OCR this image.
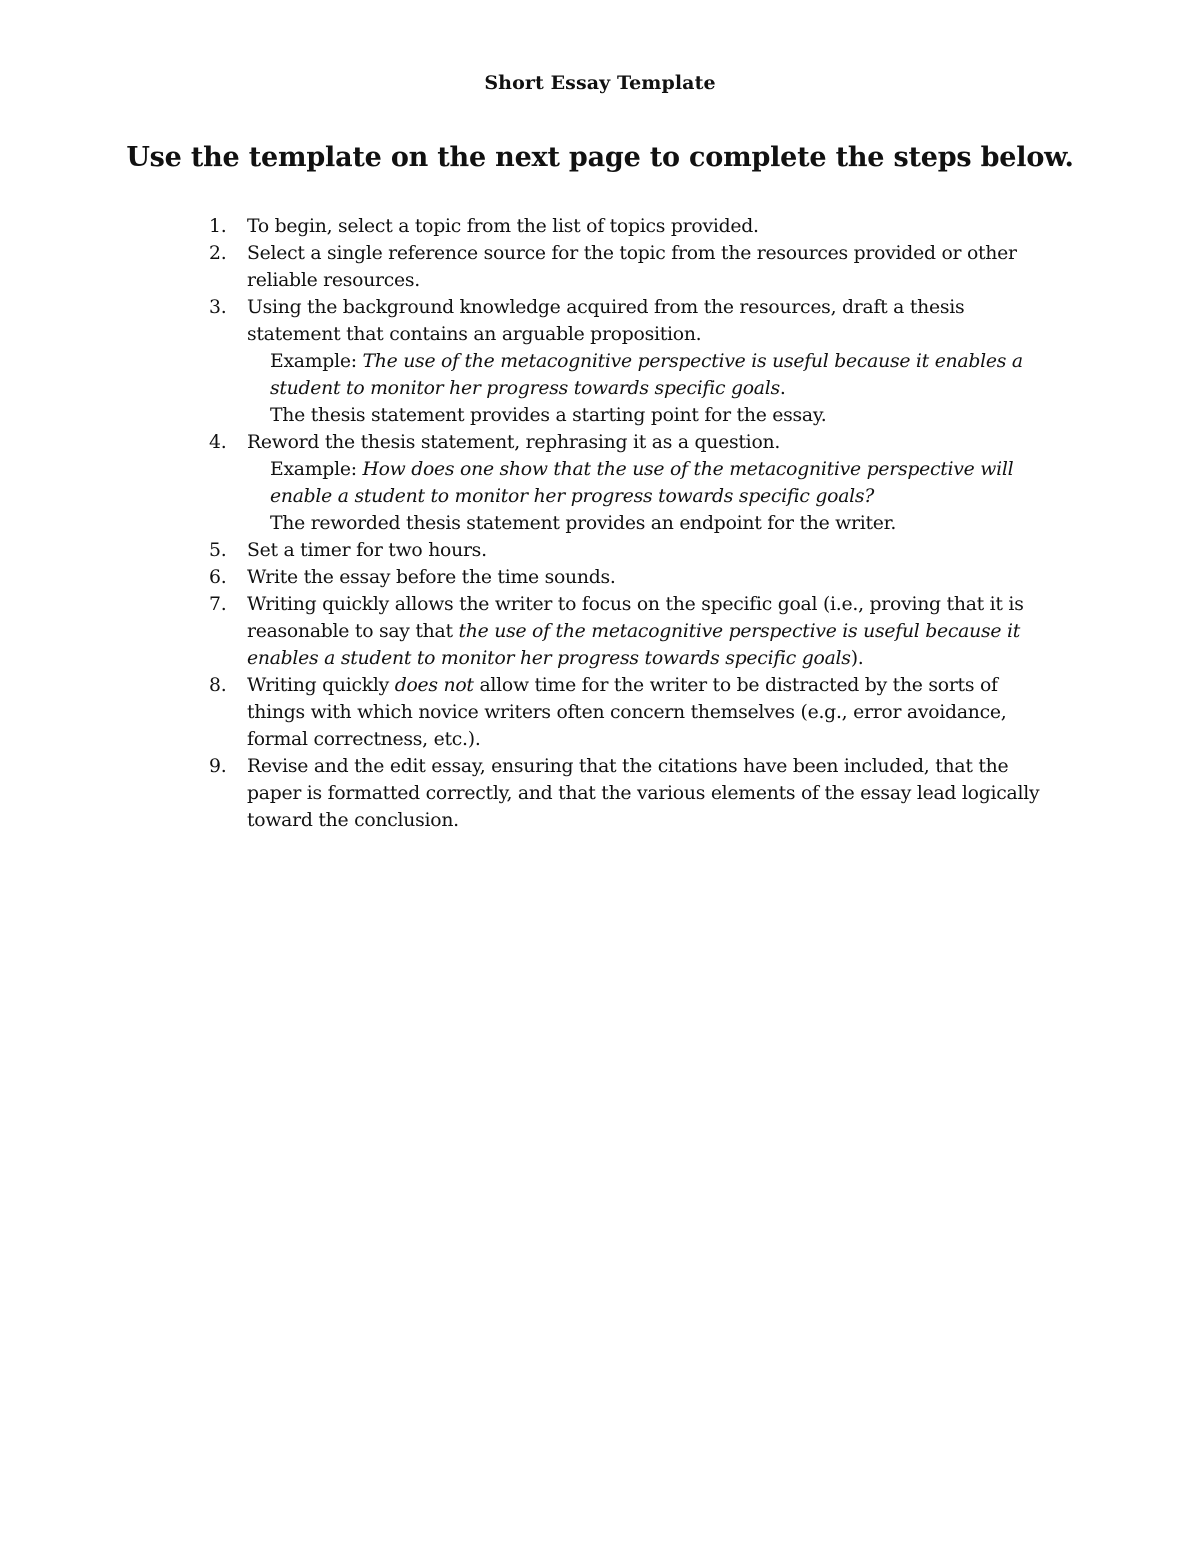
Short Essay Template
Use the template on the next page to complete the steps below.
1. To begin, select a topic from the list of topics provided.
2. Select a single reference source for the topic from the resources provided or other reliable resources.
3. Using the background knowledge acquired from the resources, draft a thesis statement that contains an arguable proposition.
Example: The use of the metacognitive perspective is useful because it enables a student to monitor her progress towards specific goals.
The thesis statement provides a starting point for the essay.
4. Reword the thesis statement, rephrasing it as a question.
Example: How does one show that the use of the metacognitive perspective will enable a student to monitor her progress towards specific goals?
The reworded thesis statement provides an endpoint for the writer.
5. Set a timer for two hours.
6. Write the essay before the time sounds.
7. Writing quickly allows the writer to focus on the specific goal (i.e., proving that it is reasonable to say that the use of the metacognitive perspective is useful because it enables a student to monitor her progress towards specific goals).
8. Writing quickly does not allow time for the writer to be distracted by the sorts of things with which novice writers often concern themselves (e.g., error avoidance, formal correctness, etc.).
9. Revise and the edit essay, ensuring that the citations have been included, that the paper is formatted correctly, and that the various elements of the essay lead logically toward the conclusion.
